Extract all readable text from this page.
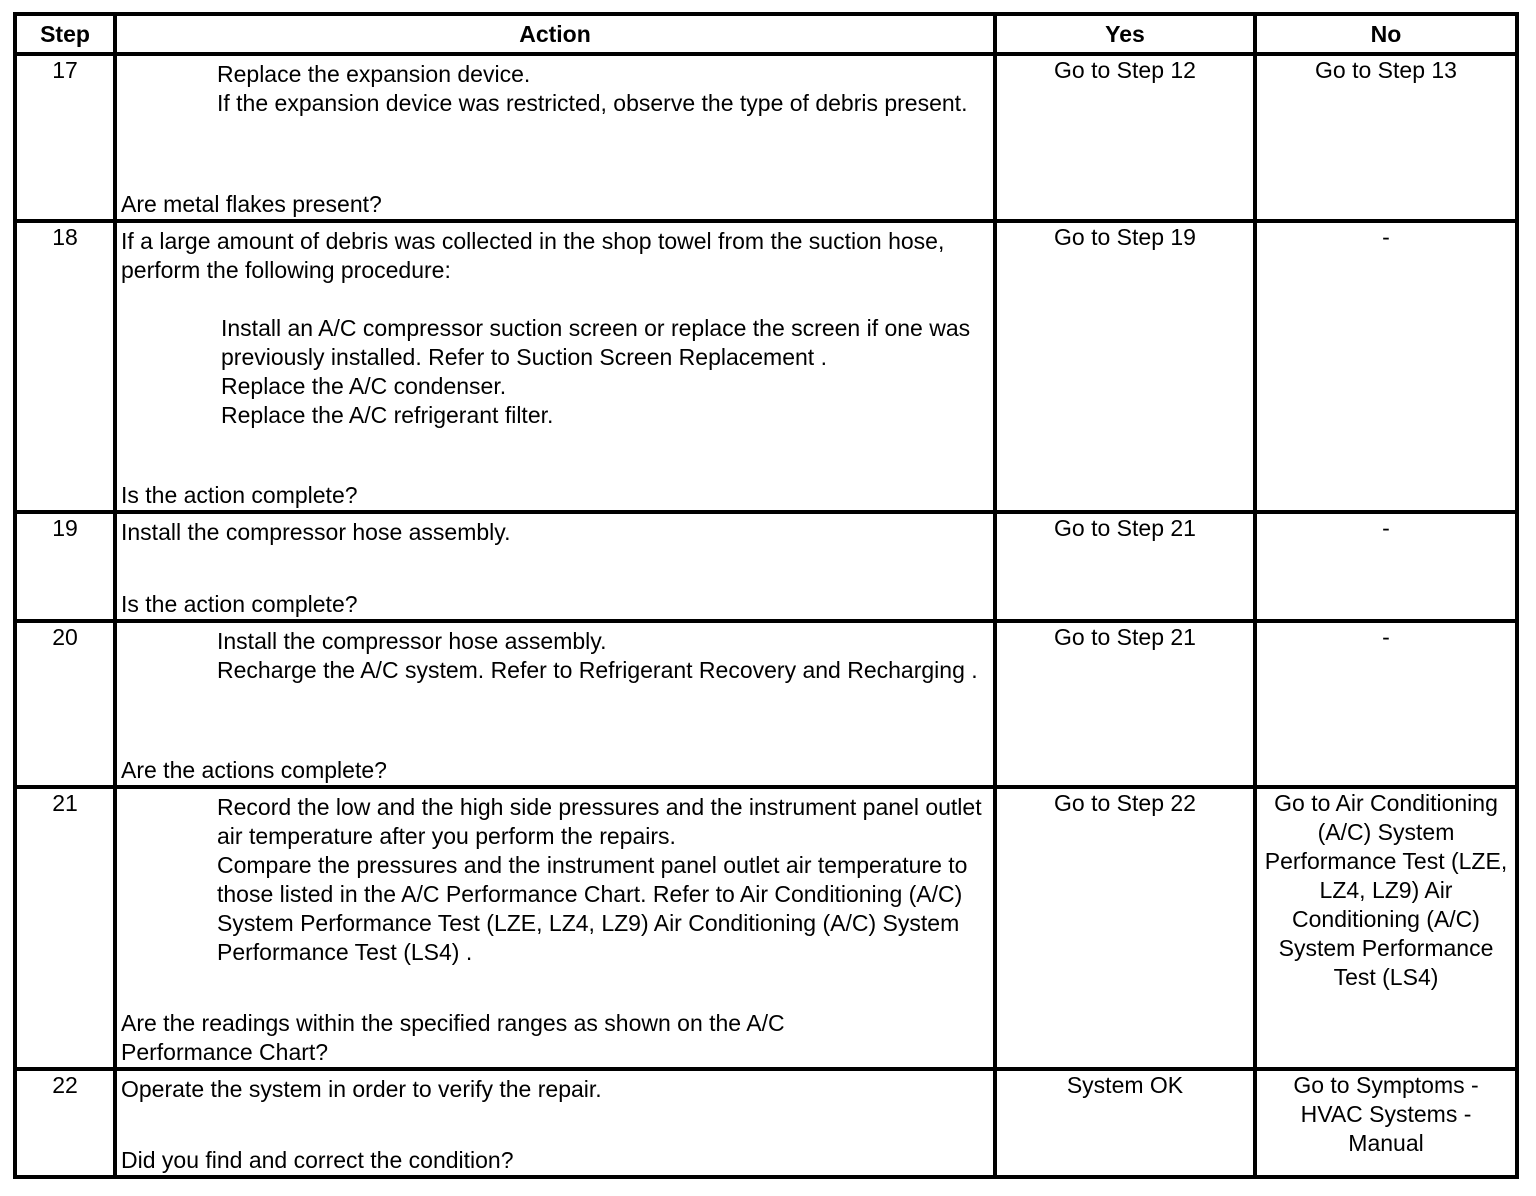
Step	Action	Yes	No
17	Replace the expansion device.
If the expansion device was restricted, observe the type of debris present.
Are metal flakes present?	Go to Step 12	Go to Step 13
18	If a large amount of debris was collected in the shop towel from the suction hose, perform the following procedure:
Install an A/C compressor suction screen or replace the screen if one was previously installed. Refer to Suction Screen Replacement .
Replace the A/C condenser.
Replace the A/C refrigerant filter.
Is the action complete?	Go to Step 19	-
19	Install the compressor hose assembly.
Is the action complete?	Go to Step 21	-
20	Install the compressor hose assembly.
Recharge the A/C system. Refer to Refrigerant Recovery and Recharging .
Are the actions complete?	Go to Step 21	-
21	Record the low and the high side pressures and the instrument panel outlet air temperature after you perform the repairs.
Compare the pressures and the instrument panel outlet air temperature to those listed in the A/C Performance Chart. Refer to Air Conditioning (A/C) System Performance Test (LZE, LZ4, LZ9) Air Conditioning (A/C) System Performance Test (LS4) .
Are the readings within the specified ranges as shown on the A/C Performance Chart?	Go to Step 22	Go to Air Conditioning (A/C) System Performance Test (LZE, LZ4, LZ9) Air Conditioning (A/C) System Performance Test (LS4)
22	Operate the system in order to verify the repair.
Did you find and correct the condition?	System OK	Go to Symptoms - HVAC Systems - Manual
